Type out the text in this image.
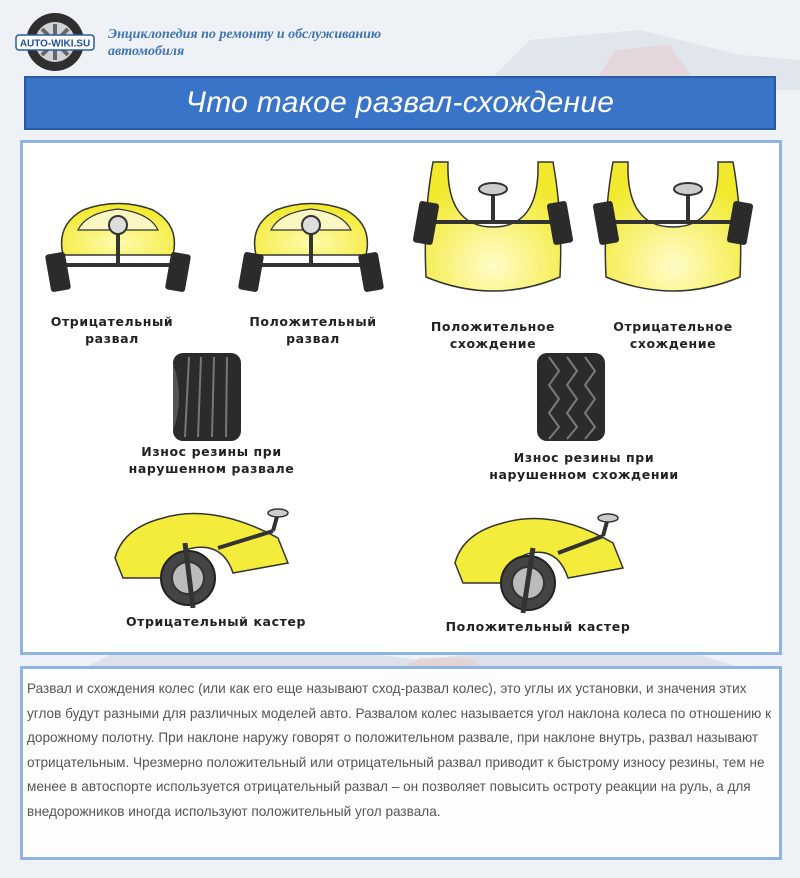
AUTO-WIKI.SU
Энциклопедия по ремонту и обслуживанию автомобиля
Что такое развал-схождение
Отрицательный развал
Положительный развал
Положительное схождение
Отрицательное схождение
Износ резины при нарушенном развале
Износ резины при нарушенном схождении
Отрицательный кастер	Положительный кастер

Развал и схождения колес (или как его еще называют сход-развал колес), это углы их установки, и значения этих углов будут разными для различных моделей авто. Развалом колес называется угол наклона колеса по отношению к дорожному полотну. При наклоне наружу говорят о положительном развале, при наклоне внутрь, развал называют отрицательным. Чрезмерно положительный или отрицательный развал приводит к быстрому износу резины, тем не менее в автоспорте используется отрицательный развал – он позволяет повысить остроту реакции на руль, а для внедорожников иногда используют положительный угол развала.
